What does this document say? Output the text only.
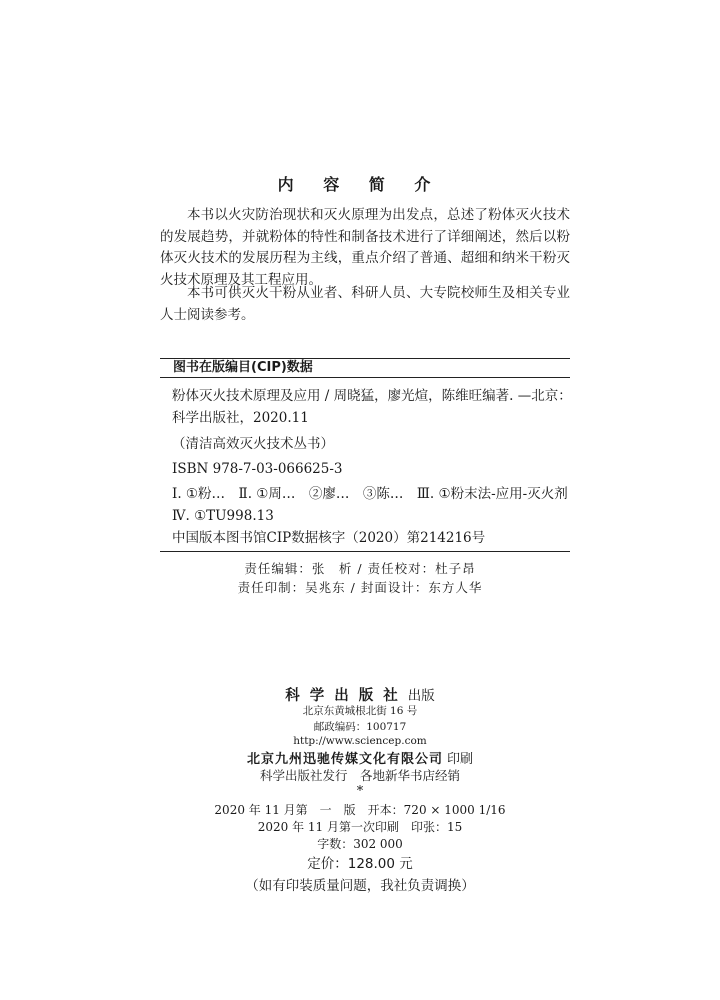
内 容 简 介

本书以火灾防治现状和灭火原理为出发点，总述了粉体灭火技术的发展趋势，并就粉体的特性和制备技术进行了详细阐述，然后以粉体灭火技术的发展历程为主线，重点介绍了普通、超细和纳米干粉灭火技术原理及其工程应用。

本书可供灭火干粉从业者、科研人员、大专院校师生及相关专业人士阅读参考。

图书在版编目(CIP)数据

粉体灭火技术原理及应用 / 周晓猛，廖光煊，陈维旺编著. —北京：科学出版社，2020.11

（清洁高效灭火技术丛书）

ISBN 978-7-03-066625-3

Ⅰ. ①粉…　Ⅱ. ①周…　②廖…　③陈…　Ⅲ. ①粉末法-应用-灭火剂　Ⅳ. ①TU998.13

中国版本图书馆CIP数据核字（2020）第214216号

责任编辑：张　析 / 责任校对：杜子昂
责任印制：吴兆东 / 封面设计：东方人华
科学出版社出版
北京东黄城根北街 16 号
邮政编码：100717
http://www.sciencep.com
北京九州迅驰传媒文化有限公司 印刷
科学出版社发行　各地新华书店经销
*
2020 年 11 月第　一　版　开本：720 × 1000 1/16
2020 年 11 月第一次印刷　印张：15
字数：302 000
定价：128.00 元
（如有印装质量问题，我社负责调换）
